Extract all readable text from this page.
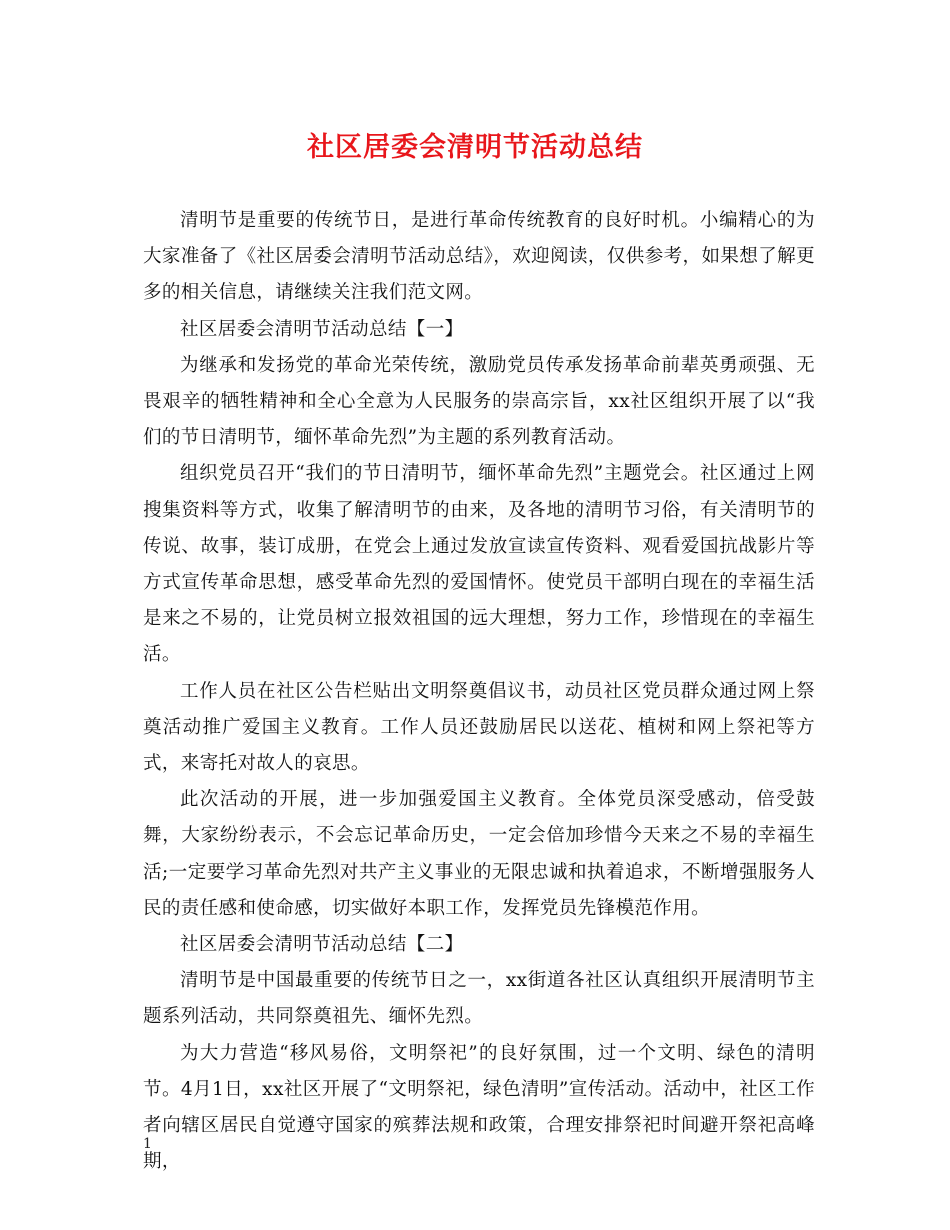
社区居委会清明节活动总结

清明节是重要的传统节日，是进行革命传统教育的良好时机。小编精心的为大家准备了《社区居委会清明节活动总结》，欢迎阅读，仅供参考，如果想了解更多的相关信息，请继续关注我们范文网。

社区居委会清明节活动总结【一】

为继承和发扬党的革命光荣传统，激励党员传承发扬革命前辈英勇顽强、无畏艰辛的牺牲精神和全心全意为人民服务的崇高宗旨，xx社区组织开展了以“我们的节日清明节，缅怀革命先烈”为主题的系列教育活动。

组织党员召开“我们的节日清明节，缅怀革命先烈”主题党会。社区通过上网搜集资料等方式，收集了解清明节的由来，及各地的清明节习俗，有关清明节的传说、故事，装订成册，在党会上通过发放宣读宣传资料、观看爱国抗战影片等方式宣传革命思想，感受革命先烈的爱国情怀。使党员干部明白现在的幸福生活是来之不易的，让党员树立报效祖国的远大理想，努力工作，珍惜现在的幸福生活。

工作人员在社区公告栏贴出文明祭奠倡议书，动员社区党员群众通过网上祭奠活动推广爱国主义教育。工作人员还鼓励居民以送花、植树和网上祭祀等方式，来寄托对故人的哀思。

此次活动的开展，进一步加强爱国主义教育。全体党员深受感动，倍受鼓舞，大家纷纷表示，不会忘记革命历史，一定会倍加珍惜今天来之不易的幸福生活;一定要学习革命先烈对共产主义事业的无限忠诚和执着追求，不断增强服务人民的责任感和使命感，切实做好本职工作，发挥党员先锋模范作用。

社区居委会清明节活动总结【二】

清明节是中国最重要的传统节日之一，xx街道各社区认真组织开展清明节主题系列活动，共同祭奠祖先、缅怀先烈。

为大力营造“移风易俗，文明祭祀”的良好氛围，过一个文明、绿色的清明节。4月1日，xx社区开展了“文明祭祀，绿色清明”宣传活动。活动中，社区工作者向辖区居民自觉遵守国家的殡葬法规和政策，合理安排祭祀时间避开祭祀高峰期，

1
